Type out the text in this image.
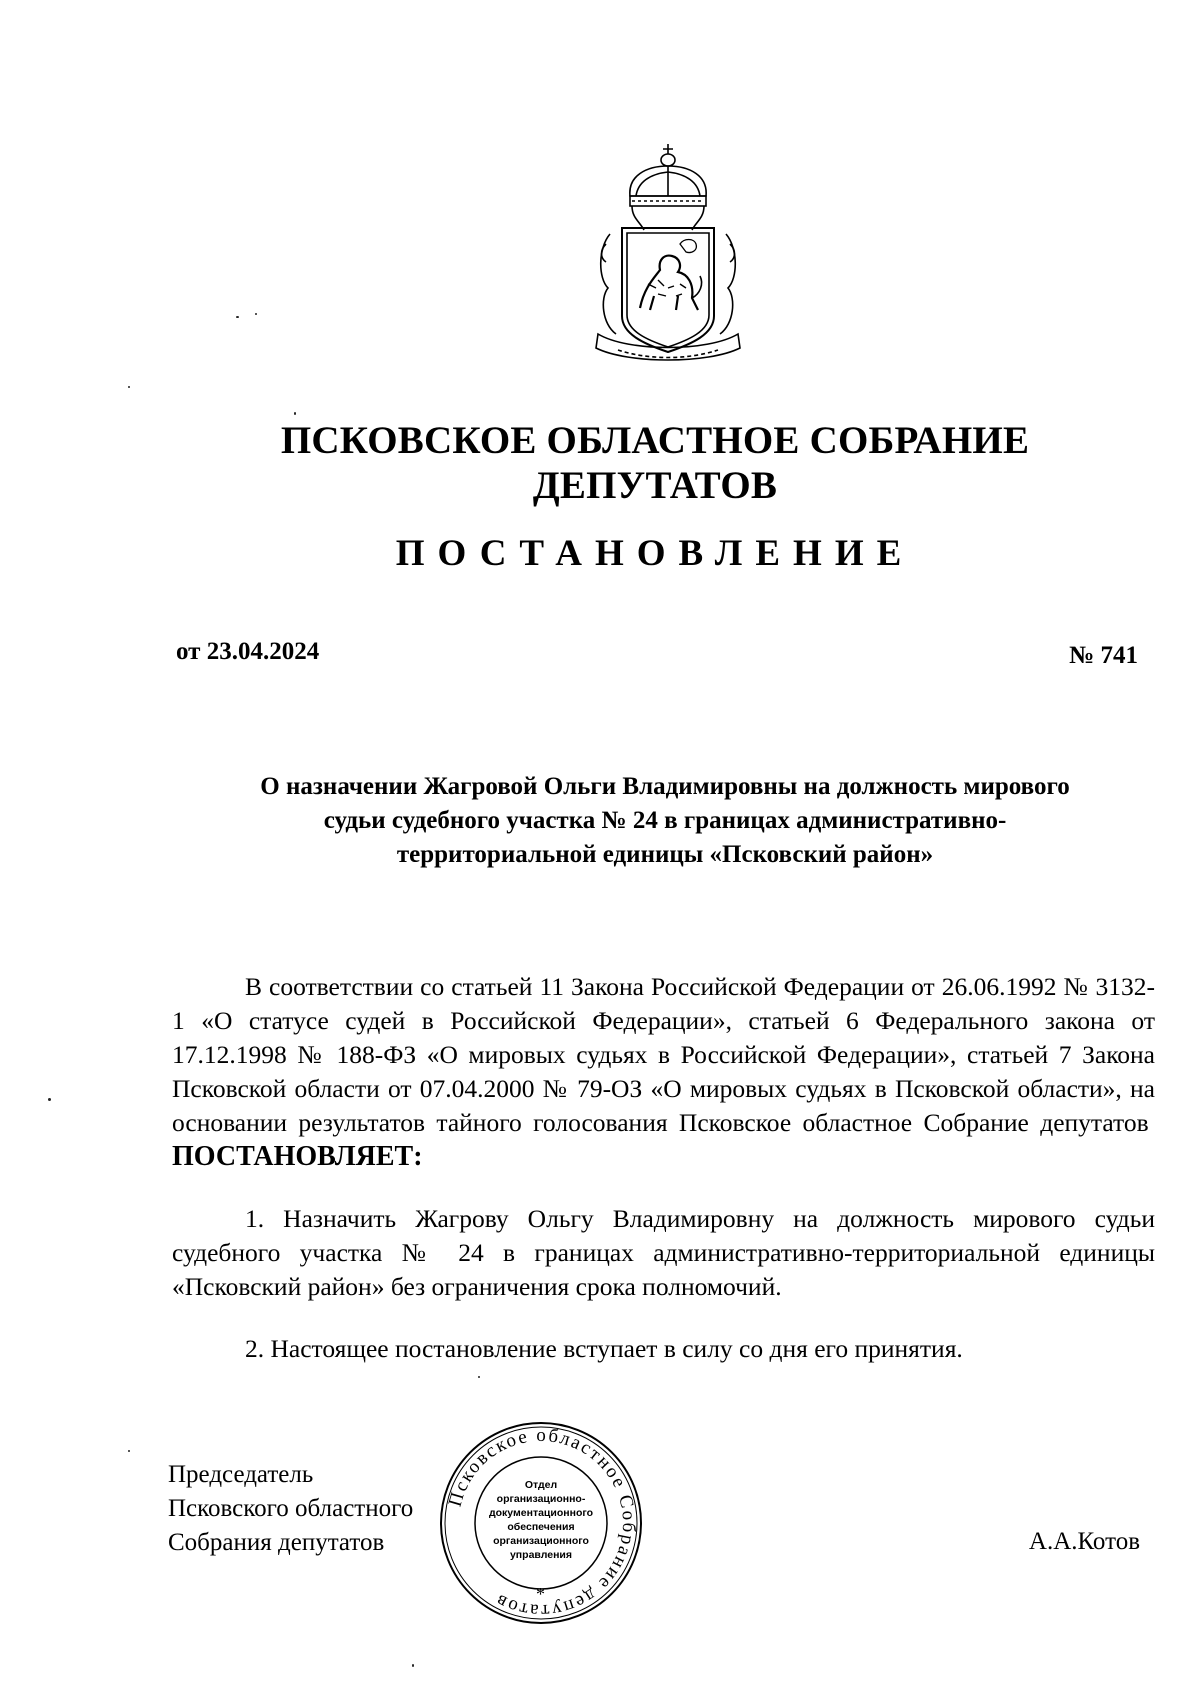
ПСКОВСКОЕ ОБЛАСТНОЕ СОБРАНИЕ ДЕПУТАТОВ
ПОСТАНОВЛЕНИЕ
от 23.04.2024	№ 741
О назначении Жагровой Ольги Владимировны на должность мирового
судьи судебного участка № 24 в границах административно-
территориальной единицы «Псковский район»

В соответствии со статьей 11 Закона Российской Федерации от 26.06.1992 № 3132-1 «О статусе судей в Российской Федерации», статьей 6 Федерального закона от 17.12.1998 № 188-ФЗ «О мировых судьях в Российской Федерации», статьей 7 Закона Псковской области от 07.04.2000 № 79-ОЗ «О мировых судьях в Псковской области», на основании результатов тайного голосования Псковское областное Собрание депутатов  ПОСТАНОВЛЯЕТ:

1. Назначить Жагрову Ольгу Владимировну на должность мирового судьи судебного участка № 24 в границах административно-территориальной единицы «Псковский район» без ограничения срока полномочий.

2. Настоящее постановление вступает в силу со дня его принятия.

Председатель
Псковского областного
Собрания депутатов
Псковское областное Собрание депутатов
Отдел
организационно-
документационного
обеспечения
организационного
управления
*
А.А.Котов
